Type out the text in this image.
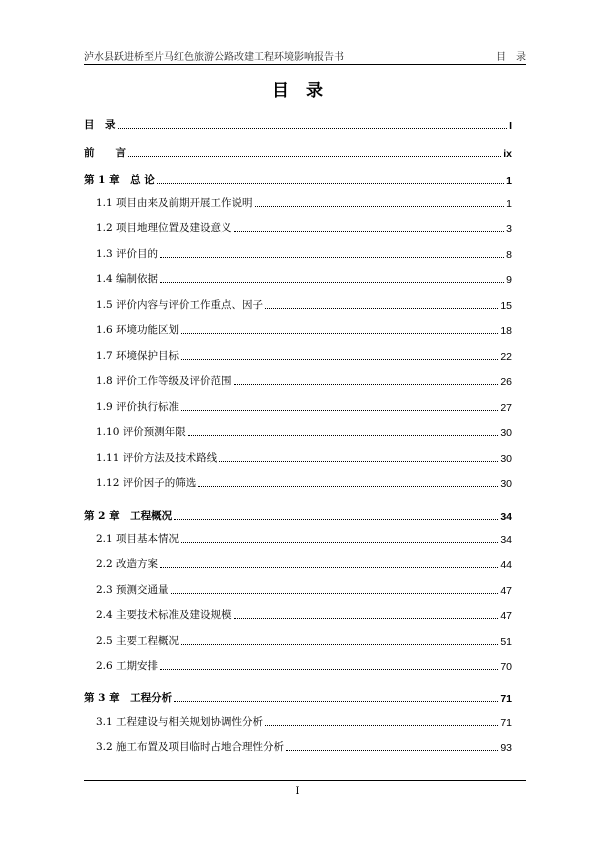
泸水县跃进桥至片马红色旅游公路改建工程环境影响报告书	目　录
目　录
目　录	I
前　　言	ix
第 1 章　总 论	1
1.1 项目由来及前期开展工作说明	1
1.2 项目地理位置及建设意义	3
1.3 评价目的	8
1.4 编制依据	9
1.5 评价内容与评价工作重点、因子	15
1.6 环境功能区划	18
1.7 环境保护目标	22
1.8 评价工作等级及评价范围	26
1.9 评价执行标准	27
1.10 评价预测年限	30
1.11 评价方法及技术路线	30
1.12 评价因子的筛选	30
第 2 章　工程概况	34
2.1 项目基本情况	34
2.2 改造方案	44
2.3 预测交通量	47
2.4 主要技术标准及建设规模	47
2.5 主要工程概况	51
2.6 工期安排	70
第 3 章　工程分析	71
3.1 工程建设与相关规划协调性分析	71
3.2 施工布置及项目临时占地合理性分析	93
I
